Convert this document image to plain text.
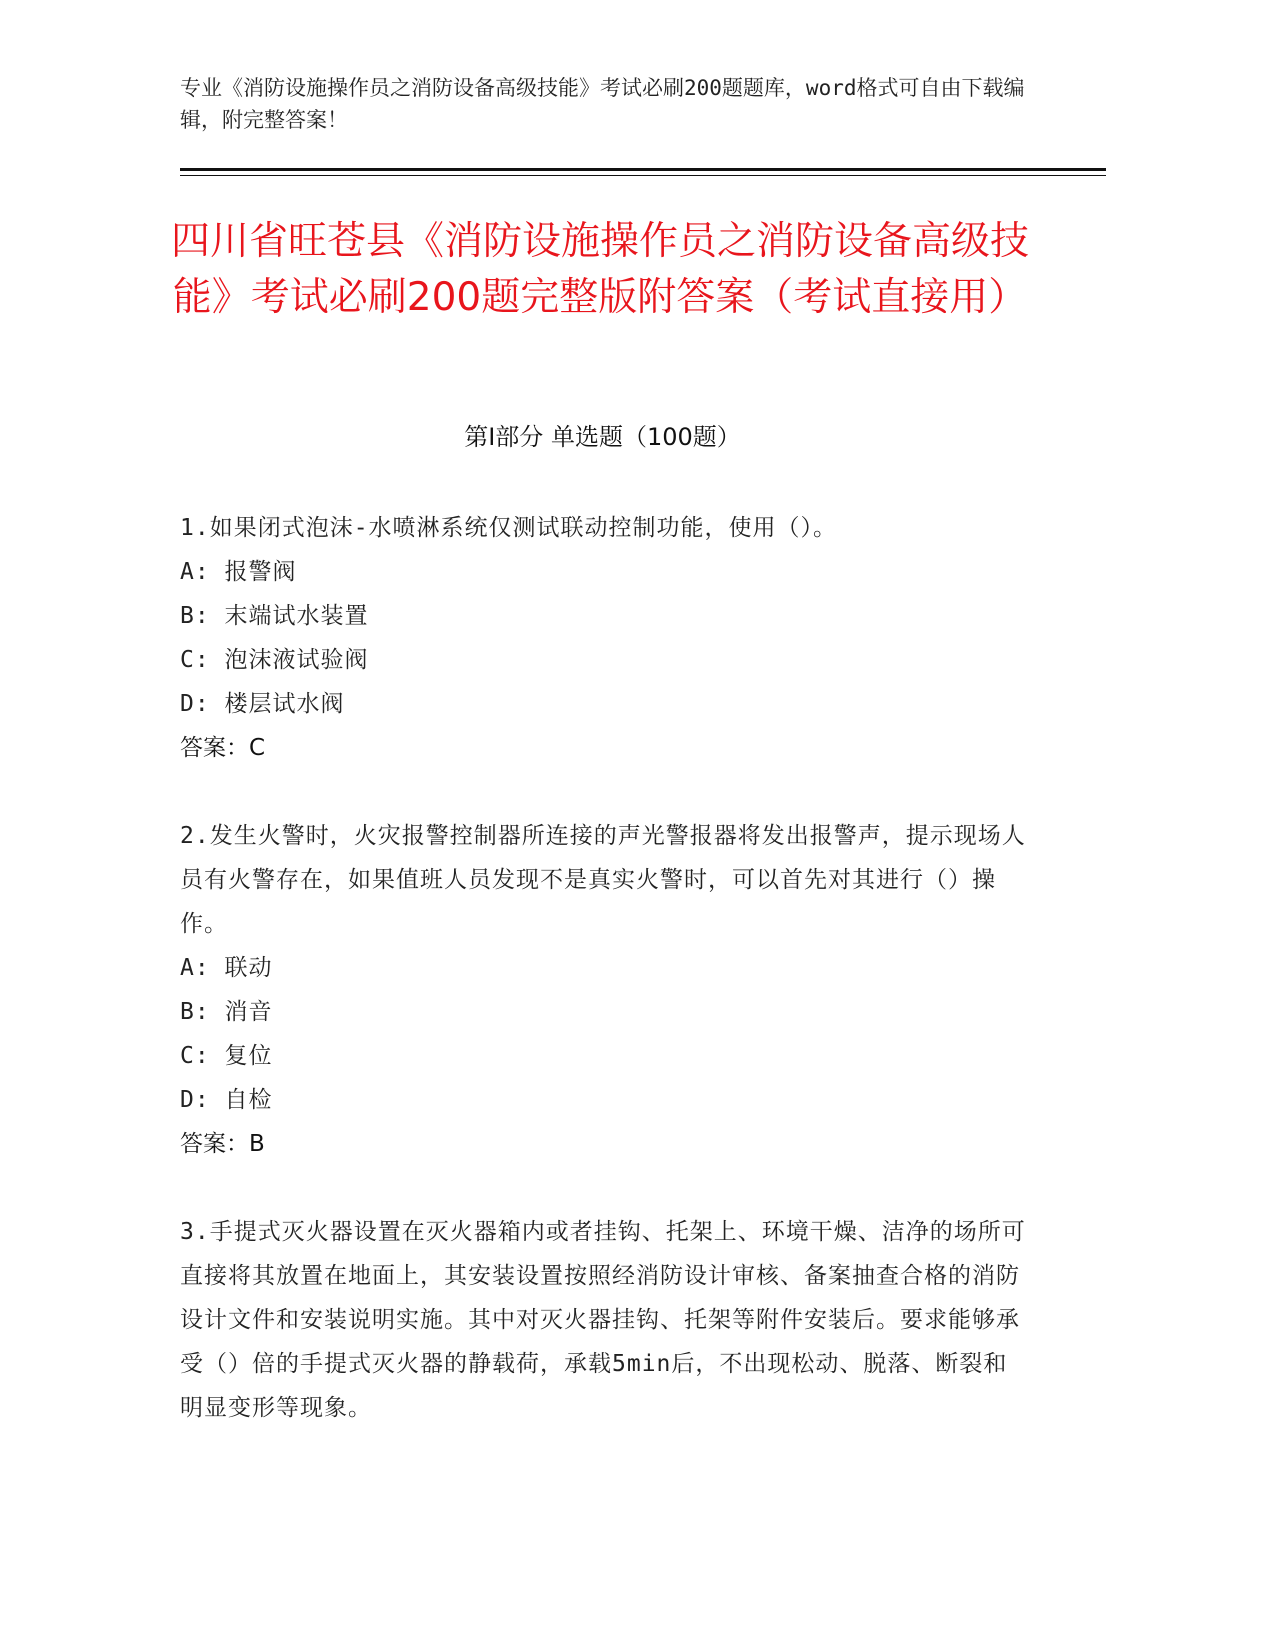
专业《消防设施操作员之消防设备高级技能》考试必刷200题题库，word格式可自由下载编辑，附完整答案！
四川省旺苍县《消防设施操作员之消防设备高级技能》考试必刷200题完整版附答案（考试直接用）
第Ⅰ部分 单选题（100题）
1.如果闭式泡沫-水喷淋系统仅测试联动控制功能，使用（）。
A: 报警阀
B: 末端试水装置
C: 泡沫液试验阀
D: 楼层试水阀
答案：C
2.发生火警时，火灾报警控制器所连接的声光警报器将发出报警声，提示现场人员有火警存在，如果值班人员发现不是真实火警时，可以首先对其进行（）操作。
A: 联动
B: 消音
C: 复位
D: 自检
答案：B
3.手提式灭火器设置在灭火器箱内或者挂钩、托架上、环境干燥、洁净的场所可直接将其放置在地面上，其安装设置按照经消防设计审核、备案抽查合格的消防设计文件和安装说明实施。其中对灭火器挂钩、托架等附件安装后。要求能够承受（）倍的手提式灭火器的静载荷，承载5min后，不出现松动、脱落、断裂和明显变形等现象。
